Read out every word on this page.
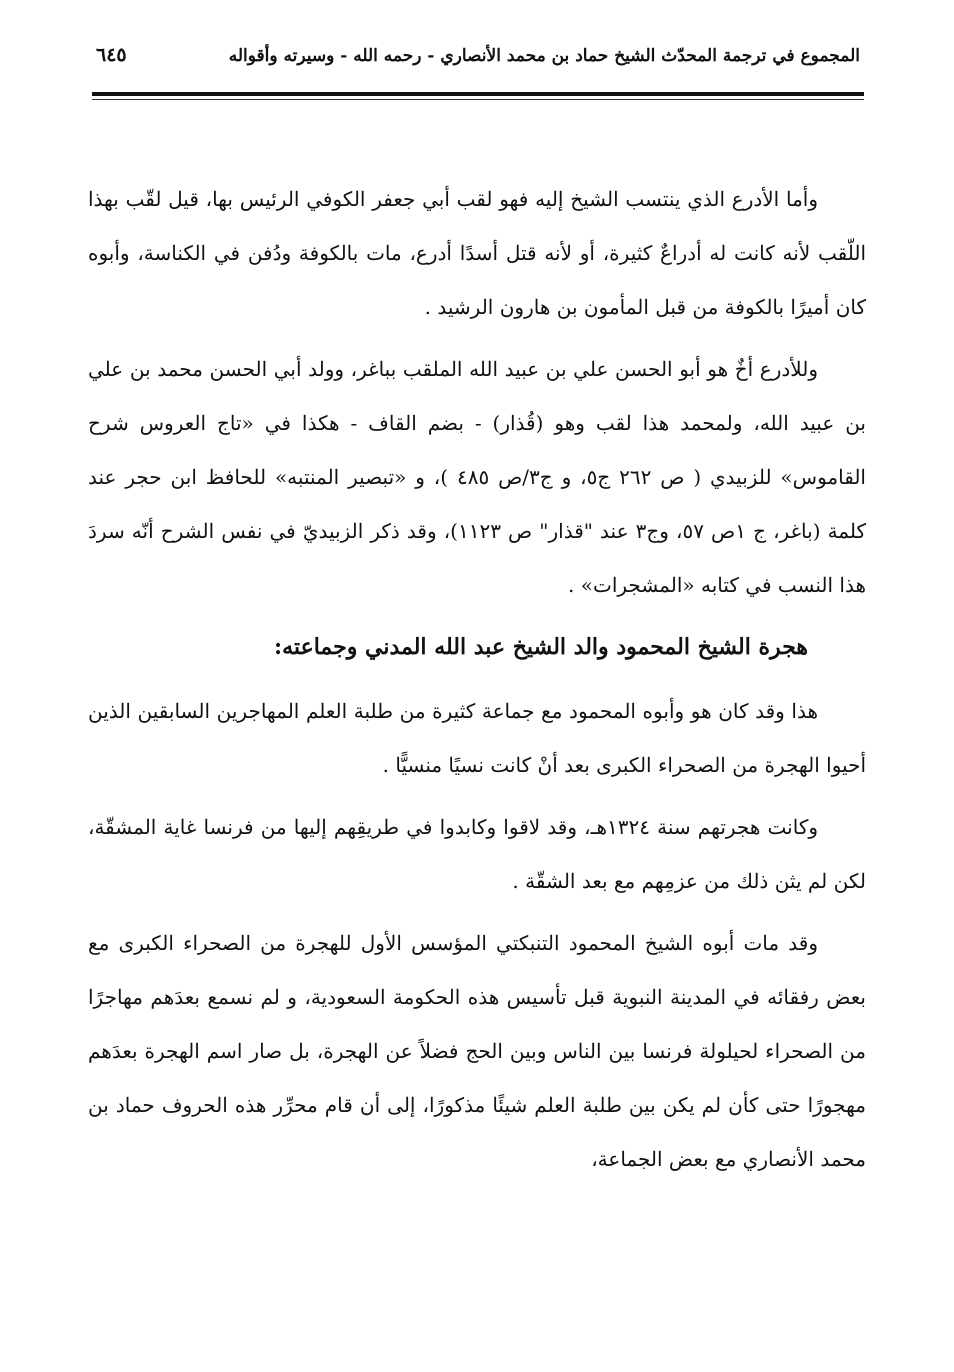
المجموع في ترجمة المحدّث الشيخ حماد بن محمد الأنصاري - رحمه الله - وسيرته وأقواله
٦٤٥

وأما الأدرع الذي ينتسب الشيخ إليه فهو لقب أبي جعفر الكوفي الرئيس بها، قيل لقّب بهذا اللّقب لأنه كانت له أدراعٌ كثيرة، أو لأنه قتل أسدًا أدرع، مات بالكوفة ودُفن في الكناسة، وأبوه كان أميرًا بالكوفة من قبل المأمون بن هارون الرشيد .

وللأدرع أخٌ هو أبو الحسن علي بن عبيد الله الملقب بباغر، وولد أبي الحسن محمد بن علي بن عبيد الله، ولمحمد هذا لقب وهو (قُذار) - بضم القاف - هكذا في «تاج العروس شرح القاموس» للزبيدي ( ص ٢٦٢ ج٥، و ج٣/ص ٤٨٥ )، و «تبصير المنتبه» للحافظ ابن حجر عند كلمة (باغر، ج ١ص ٥٧، وج٣ عند "قذار" ص ١١٢٣)، وقد ذكر الزبيديّ في نفس الشرح أنّه سردَ هذا النسب في كتابه «المشجرات» .

هجرة الشيخ المحمود والد الشيخ عبد الله المدني وجماعته:

هذا وقد كان هو وأبوه المحمود مع جماعة كثيرة من طلبة العلم المهاجرين السابقين الذين أحيوا الهجرة من الصحراء الكبرى بعد أنْ كانت نسيًا منسيًّا .

وكانت هجرتهم سنة ١٣٢٤هـ، وقد لاقوا وكابدوا في طريقِهم إليها من فرنسا غاية المشقّة، لكن لم يثن ذلك من عزمِهم مع بعد الشقّة .

وقد مات أبوه الشيخ المحمود التنبكتي المؤسس الأول للهجرة من الصحراء الكبرى مع بعض رفقائه في المدينة النبوية قبل تأسيس هذه الحكومة السعودية، و لم نسمع بعدَهم مهاجرًا من الصحراء لحيلولة فرنسا بين الناس وبين الحج فضلاً عن الهجرة، بل صار اسم الهجرة بعدَهم مهجورًا حتى كأن لم يكن بين طلبة العلم شيئًا مذكورًا، إلى أن قام محرِّر هذه الحروف حماد بن محمد الأنصاري مع بعض الجماعة،
